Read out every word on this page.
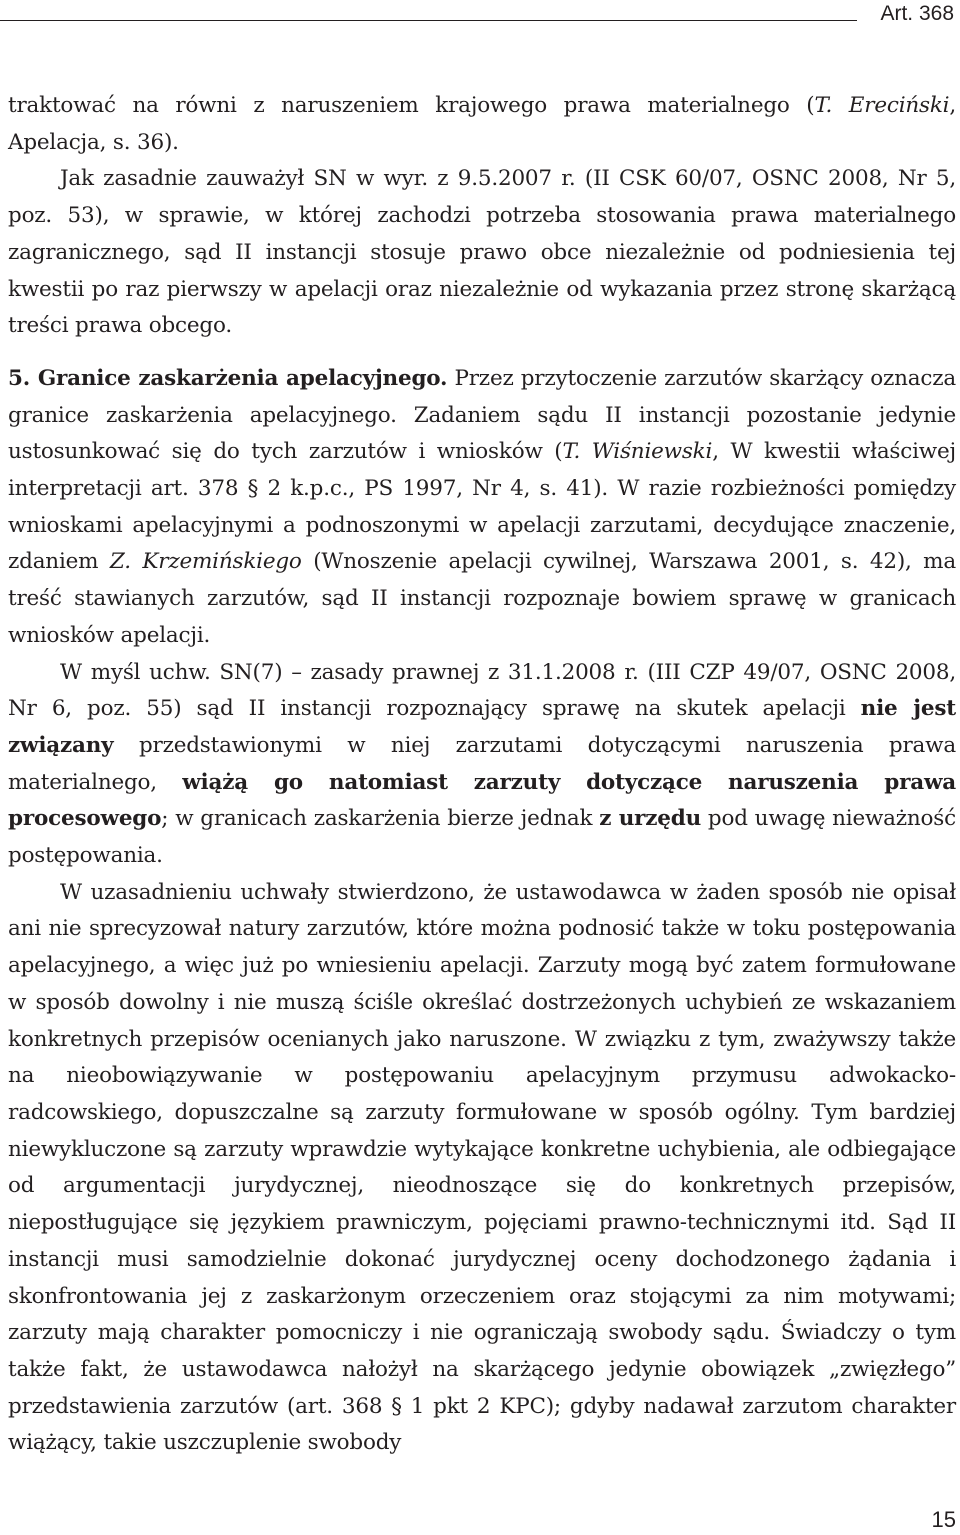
Art. 368

traktować na równi z naruszeniem krajowego prawa materialnego (T. Ereciński, Apelacja, s. 36).

Jak zasadnie zauważył SN w wyr. z 9.5.2007 r. (II CSK 60/07, OSNC 2008, Nr 5, poz. 53), w sprawie, w której zachodzi potrzeba stosowania prawa materialnego zagranicznego, sąd II instancji stosuje prawo obce niezależnie od podniesienia tej kwestii po raz pierwszy w apelacji oraz niezależnie od wykazania przez stronę skarżącą treści prawa obcego.

5. Granice zaskarżenia apelacyjnego. Przez przytoczenie zarzutów skarżący oznacza granice zaskarżenia apelacyjnego. Zadaniem sądu II instancji pozostanie jedynie ustosunkować się do tych zarzutów i wniosków (T. Wiśniewski, W kwestii właściwej interpretacji art. 378 § 2 k.p.c., PS 1997, Nr 4, s. 41). W razie rozbieżności pomiędzy wnioskami apelacyjnymi a podnoszonymi w apelacji zarzutami, decydujące znaczenie, zdaniem Z. Krzemińskiego (Wnoszenie apelacji cywilnej, Warszawa 2001, s. 42), ma treść stawianych zarzutów, sąd II instancji rozpoznaje bowiem sprawę w granicach wniosków apelacji.

W myśl uchw. SN(7) – zasady prawnej z 31.1.2008 r. (III CZP 49/07, OSNC 2008, Nr 6, poz. 55) sąd II instancji rozpoznający sprawę na skutek apelacji nie jest związany przedstawionymi w niej zarzutami dotyczącymi naruszenia prawa materialnego, wiążą go natomiast zarzuty dotyczące naruszenia prawa procesowego; w granicach zaskarżenia bierze jednak z urzędu pod uwagę nieważność postępowania.

W uzasadnieniu uchwały stwierdzono, że ustawodawca w żaden sposób nie opisał ani nie sprecyzował natury zarzutów, które można podnosić także w toku postępowania apelacyjnego, a więc już po wniesieniu apelacji. Zarzuty mogą być zatem formułowane w sposób dowolny i nie muszą ściśle określać dostrzeżonych uchybień ze wskazaniem konkretnych przepisów ocenianych jako naruszone. W związku z tym, zważywszy także na nieobowiązywanie w postępowaniu apelacyjnym przymusu adwokacko-radcowskiego, dopuszczalne są zarzuty formułowane w sposób ogólny. Tym bardziej niewykluczone są zarzuty wprawdzie wytykające konkretne uchybienia, ale odbiegające od argumentacji jurydycznej, nieodnoszące się do konkretnych przepisów, niepostługujące się językiem prawniczym, pojęciami prawno-technicznymi itd. Sąd II instancji musi samodzielnie dokonać jurydycznej oceny dochodzonego żądania i skonfrontowania jej z zaskarżonym orzeczeniem oraz stojącymi za nim motywami; zarzuty mają charakter pomocniczy i nie ograniczają swobody sądu. Świadczy o tym także fakt, że ustawodawca nałożył na skarżącego jedynie obowiązek „zwięzłego” przedstawienia zarzutów (art. 368 § 1 pkt 2 KPC); gdyby nadawał zarzutom charakter wiążący, takie uszczuplenie swobody

15
